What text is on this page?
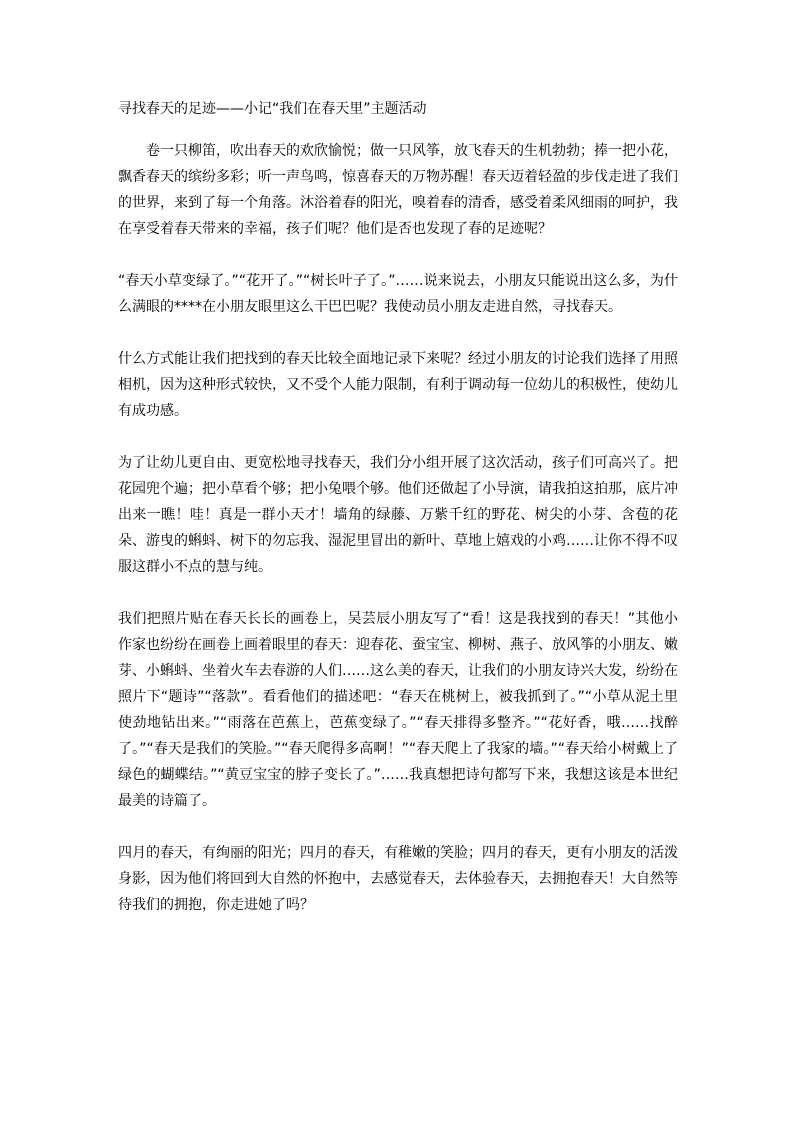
寻找春天的足迹——小记“我们在春天里”主题活动

卷一只柳笛，吹出春天的欢欣愉悦；做一只风筝，放飞春天的生机勃勃；捧一把小花，飘香春天的缤纷多彩；听一声鸟鸣，惊喜春天的万物苏醒！春天迈着轻盈的步伐走进了我们的世界，来到了每一个角落。沐浴着春的阳光，嗅着春的清香，感受着柔风细雨的呵护，我在享受着春天带来的幸福，孩子们呢？他们是否也发现了春的足迹呢？

“春天小草变绿了。”“花开了。”“树长叶子了。”……说来说去，小朋友只能说出这么多，为什么满眼的****在小朋友眼里这么干巴巴呢？我使动员小朋友走进自然，寻找春天。

什么方式能让我们把找到的春天比较全面地记录下来呢？经过小朋友的讨论我们选择了用照相机，因为这种形式较快，又不受个人能力限制，有利于调动每一位幼儿的积极性，使幼儿有成功感。

为了让幼儿更自由、更宽松地寻找春天，我们分小组开展了这次活动，孩子们可高兴了。把花园兜个遍；把小草看个够；把小兔喂个够。他们还做起了小导演，请我拍这拍那，底片冲出来一瞧！哇！真是一群小天才！墙角的绿藤、万紫千红的野花、树尖的小芽、含苞的花朵、游曳的蝌蚪、树下的勿忘我、湿泥里冒出的新叶、草地上嬉戏的小鸡……让你不得不叹服这群小不点的慧与纯。

我们把照片贴在春天长长的画卷上，吴芸辰小朋友写了“看！这是我找到的春天！”其他小作家也纷纷在画卷上画着眼里的春天：迎春花、蚕宝宝、柳树、燕子、放风筝的小朋友、嫩芽、小蝌蚪、坐着火车去春游的人们……这么美的春天，让我们的小朋友诗兴大发，纷纷在照片下“题诗”“落款”。看看他们的描述吧：“春天在桃树上，被我抓到了。”“小草从泥土里使劲地钻出来。”“雨落在芭蕉上，芭蕉变绿了。”“春天排得多整齐。”“花好香，哦……找醉了。”“春天是我们的笑脸。”“春天爬得多高啊！”“春天爬上了我家的墙。”“春天给小树戴上了绿色的蝴蝶结。”“黄豆宝宝的脖子变长了。”……我真想把诗句都写下来，我想这该是本世纪最美的诗篇了。

四月的春天，有绚丽的阳光；四月的春天，有稚嫩的笑脸；四月的春天，更有小朋友的活泼身影，因为他们将回到大自然的怀抱中，去感觉春天，去体验春天，去拥抱春天！大自然等待我们的拥抱，你走进她了吗？
